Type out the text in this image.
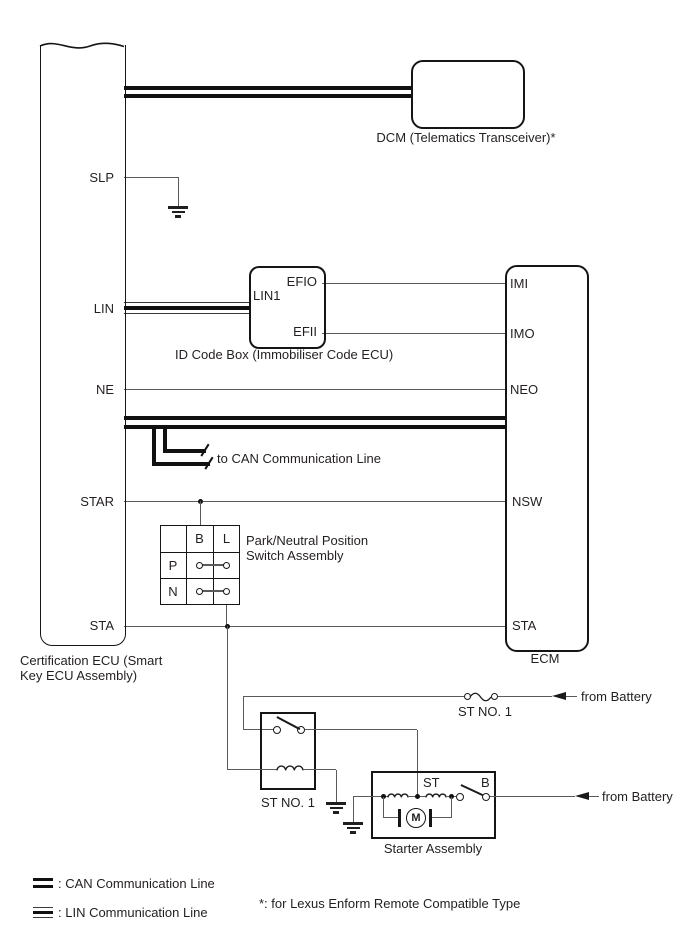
to CAN Communication Line
SLP
LIN
NE
STAR
STA
Certification ECU (Smart
Key ECU Assembly)
DCM (Telematics Transceiver)*
LIN1
EFIO
EFII
ID Code Box (Immobiliser Code ECU)
IMI
IMO
NEO
NSW
STA
ECM
B	L
P
N
Park/Neutral Position
Switch Assembly
from Battery
ST NO. 1
ST NO. 1
ST	B
M
from Battery
Starter Assembly
: CAN Communication Line
: LIN Communication Line
*: for Lexus Enform Remote Compatible Type
